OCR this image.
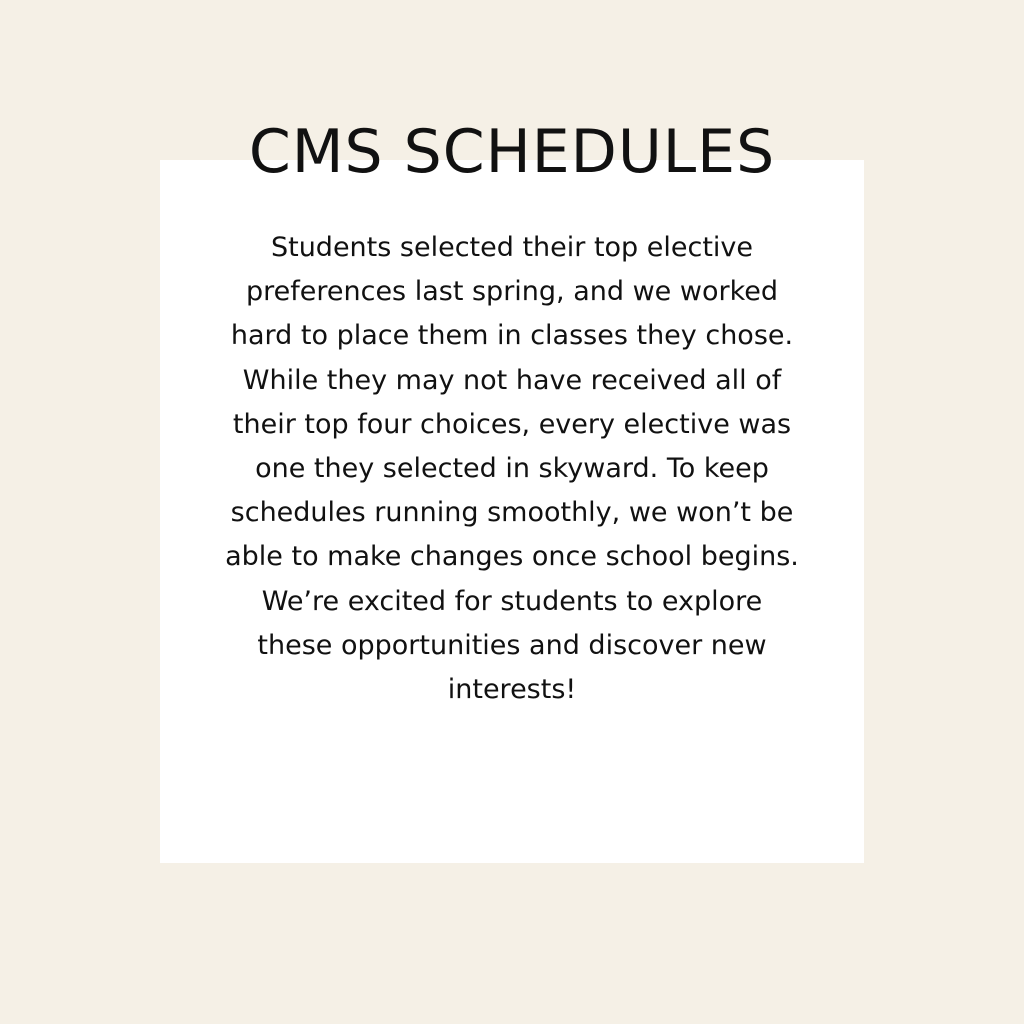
CMS SCHEDULES

Students selected their top elective preferences last spring, and we worked hard to place them in classes they chose. While they may not have received all of their top four choices, every elective was one they selected in skyward. To keep schedules running smoothly, we won’t be able to make changes once school begins. We’re excited for students to explore these opportunities and discover new interests!
